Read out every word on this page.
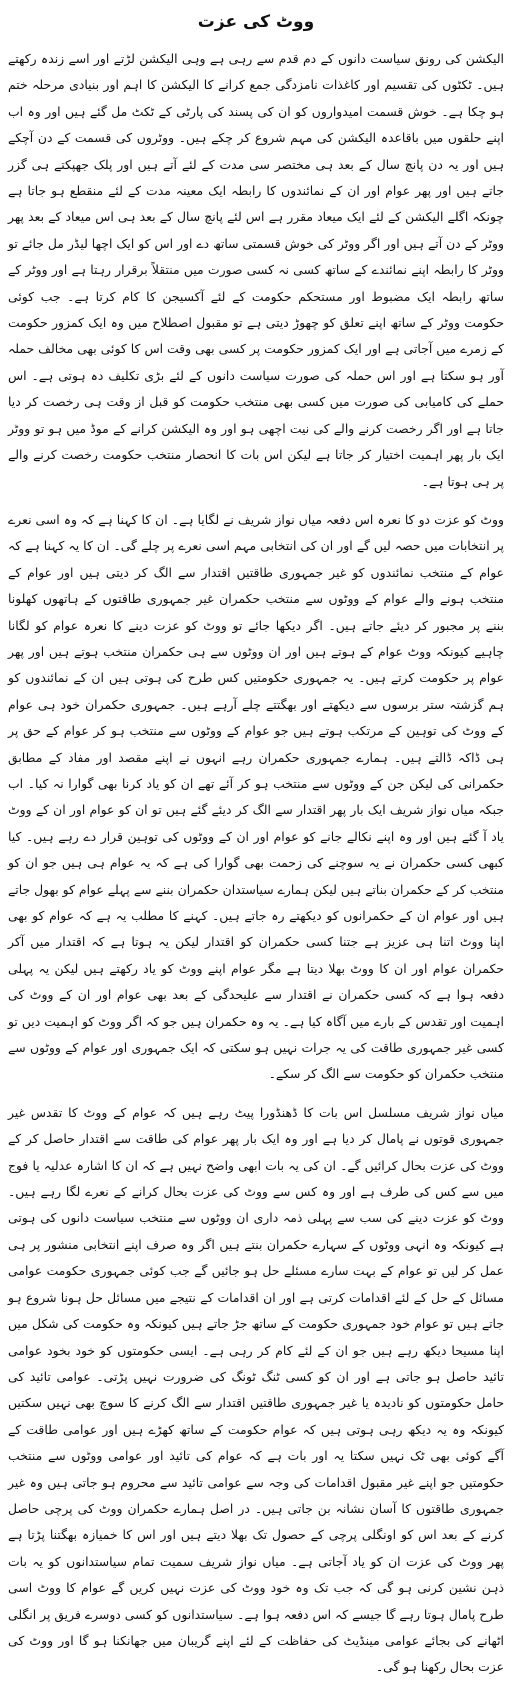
ووٹ کی عزت

الیکشن کی رونق سیاست دانوں کے دم قدم سے رہی ہے وہی الیکشن لڑتے اور اسے زندہ رکھتے ہیں۔ ٹکٹوں کی تقسیم اور کاغذات نامزدگی جمع کرانے کا الیکشن کا اہم اور بنیادی مرحلہ ختم ہو چکا ہے۔ خوش قسمت امیدواروں کو ان کی پسند کی پارٹی کے ٹکٹ مل گئے ہیں اور وہ اب اپنے حلقوں میں باقاعدہ الیکشن کی مہم شروع کر چکے ہیں۔ ووٹروں کی قسمت کے دن آچکے ہیں اور یہ دن پانچ سال کے بعد ہی مختصر سی مدت کے لئے آتے ہیں اور پلک جھپکتے ہی گزر جاتے ہیں اور پھر عوام اور ان کے نمائندوں کا رابطہ ایک معینہ مدت کے لئے منقطع ہو جاتا ہے چونکہ اگلے الیکشن کے لئے ایک میعاد مقرر ہے اس لئے پانچ سال کے بعد ہی اس میعاد کے بعد پھر ووٹر کے دن آتے ہیں اور اگر ووٹر کی خوش قسمتی ساتھ دے اور اس کو ایک اچھا لیڈر مل جائے تو ووٹر کا رابطہ اپنے نمائندے کے ساتھ کسی نہ کسی صورت میں منتقلاً برقرار رہتا ہے اور ووٹر کے ساتھ رابطہ ایک مضبوط اور مستحکم حکومت کے لئے آکسیجن کا کام کرتا ہے۔ جب کوئی حکومت ووٹر کے ساتھ اپنے تعلق کو چھوڑ دیتی ہے تو مقبول اصطلاح میں وہ ایک کمزور حکومت کے زمرے میں آجاتی ہے اور ایک کمزور حکومت پر کسی بھی وقت اس کا کوئی بھی مخالف حملہ آور ہو سکتا ہے اور اس حملہ کی صورت سیاست دانوں کے لئے بڑی تکلیف دہ ہوتی ہے۔ اس حملے کی کامیابی کی صورت میں کسی بھی منتخب حکومت کو قبل از وقت ہی رخصت کر دیا جاتا ہے اور اگر رخصت کرنے والے کی نیت اچھی ہو اور وہ الیکشن کرانے کے موڈ میں ہو تو ووٹر ایک بار پھر اہمیت اختیار کر جاتا ہے لیکن اس بات کا انحصار منتخب حکومت رخصت کرنے والے پر ہی ہوتا ہے۔

ووٹ کو عزت دو کا نعرہ اس دفعہ میاں نواز شریف نے لگایا ہے۔ ان کا کہنا ہے کہ وہ اسی نعرے پر انتخابات میں حصہ لیں گے اور ان کی انتخابی مہم اسی نعرے پر چلے گی۔ ان کا یہ کہنا ہے کہ عوام کے منتخب نمائندوں کو غیر جمہوری طاقتیں اقتدار سے الگ کر دیتی ہیں اور عوام کے منتخب ہونے والے عوام کے ووٹوں سے منتخب حکمران غیر جمہوری طاقتوں کے ہاتھوں کھلونا بننے پر مجبور کر دیئے جاتے ہیں۔ اگر دیکھا جائے تو ووٹ کو عزت دینے کا نعرہ عوام کو لگانا چاہیے کیونکہ ووٹ عوام کے ہوتے ہیں اور ان ووٹوں سے ہی حکمران منتخب ہوتے ہیں اور پھر عوام پر حکومت کرتے ہیں۔ یہ جمہوری حکومتیں کس طرح کی ہوتی ہیں ان کے نمائندوں کو ہم گزشتہ ستر برسوں سے دیکھتے اور بھگتتے چلے آرہے ہیں۔ جمہوری حکمران خود ہی عوام کے ووٹ کی توہین کے مرتکب ہوتے ہیں جو عوام کے ووٹوں سے منتخب ہو کر عوام کے حق پر ہی ڈاکہ ڈالتے ہیں۔ ہمارے جمہوری حکمران رہے انہوں نے اپنے مقصد اور مفاد کے مطابق حکمرانی کی لیکن جن کے ووٹوں سے منتخب ہو کر آئے تھے ان کو یاد کرنا بھی گوارا نہ کیا۔ اب جبکہ میاں نواز شریف ایک بار پھر اقتدار سے الگ کر دیئے گئے ہیں تو ان کو عوام اور ان کے ووٹ یاد آ گئے ہیں اور وہ اپنے نکالے جانے کو عوام اور ان کے ووٹوں کی توہین قرار دے رہے ہیں۔ کیا کبھی کسی حکمران نے یہ سوچنے کی زحمت بھی گوارا کی ہے کہ یہ عوام ہی ہیں جو ان کو منتخب کر کے حکمران بناتے ہیں لیکن ہمارے سیاستدان حکمران بننے سے پہلے عوام کو بھول جاتے ہیں اور عوام ان کے حکمرانوں کو دیکھتے رہ جاتے ہیں۔ کہنے کا مطلب یہ ہے کہ عوام کو بھی اپنا ووٹ اتنا ہی عزیز ہے جتنا کسی حکمران کو اقتدار لیکن یہ ہوتا ہے کہ اقتدار میں آکر حکمران عوام اور ان کا ووٹ بھلا دیتا ہے مگر عوام اپنے ووٹ کو یاد رکھتے ہیں لیکن یہ پہلی دفعہ ہوا ہے کہ کسی حکمران نے اقتدار سے علیحدگی کے بعد بھی عوام اور ان کے ووٹ کی اہمیت اور تقدس کے بارے میں آگاہ کیا ہے۔ یہ وہ حکمران ہیں جو کہ اگر ووٹ کو اہمیت دیں تو کسی غیر جمہوری طاقت کی یہ جرات نہیں ہو سکتی کہ ایک جمہوری اور عوام کے ووٹوں سے منتخب حکمران کو حکومت سے الگ کر سکے۔

میاں نواز شریف مسلسل اس بات کا ڈھنڈورا پیٹ رہے ہیں کہ عوام کے ووٹ کا تقدس غیر جمہوری قوتوں نے پامال کر دیا ہے اور وہ ایک بار پھر عوام کی طاقت سے اقتدار حاصل کر کے ووٹ کی عزت بحال کرائیں گے۔ ان کی یہ بات ابھی واضح نہیں ہے کہ ان کا اشارہ عدلیہ یا فوج میں سے کس کی طرف ہے اور وہ کس سے ووٹ کی عزت بحال کرانے کے نعرے لگا رہے ہیں۔ ووٹ کو عزت دینے کی سب سے پہلی ذمہ داری ان ووٹوں سے منتخب سیاست دانوں کی ہوتی ہے کیونکہ وہ انہی ووٹوں کے سہارے حکمران بنتے ہیں اگر وہ صرف اپنے انتخابی منشور پر ہی عمل کر لیں تو عوام کے بہت سارے مسئلے حل ہو جائیں گے جب کوئی جمہوری حکومت عوامی مسائل کے حل کے لئے اقدامات کرتی ہے اور ان اقدامات کے نتیجے میں مسائل حل ہونا شروع ہو جاتے ہیں تو عوام خود جمہوری حکومت کے ساتھ جڑ جاتے ہیں کیونکہ وہ حکومت کی شکل میں اپنا مسیحا دیکھ رہے ہیں جو ان کے لئے کام کر رہی ہے۔ ایسی حکومتوں کو خود بخود عوامی تائید حاصل ہو جاتی ہے اور ان کو کسی ٹنگ ٹونگ کی ضرورت نہیں پڑتی۔ عوامی تائید کی حامل حکومتوں کو نادیدہ یا غیر جمہوری طاقتیں اقتدار سے الگ کرنے کا سوچ بھی نہیں سکتیں کیونکہ وہ یہ دیکھ رہی ہوتی ہیں کہ عوام حکومت کے ساتھ کھڑے ہیں اور عوامی طاقت کے آگے کوئی بھی ٹک نہیں سکتا یہ اور بات ہے کہ عوام کی تائید اور عوامی ووٹوں سے منتخب حکومتیں جو اپنے غیر مقبول اقدامات کی وجہ سے عوامی تائید سے محروم ہو جاتی ہیں وہ غیر جمہوری طاقتوں کا آسان نشانہ بن جاتی ہیں۔ در اصل ہمارے حکمران ووٹ کی پرچی حاصل کرنے کے بعد اس کو اونگلی پرچی کے حصول تک بھلا دیتے ہیں اور اس کا خمیازہ بھگتنا پڑتا ہے پھر ووٹ کی عزت ان کو یاد آجاتی ہے۔ میاں نواز شریف سمیت تمام سیاستدانوں کو یہ بات ذہن نشین کرنی ہو گی کہ جب تک وہ خود ووٹ کی عزت نہیں کریں گے عوام کا ووٹ اسی طرح پامال ہوتا رہے گا جیسے کہ اس دفعہ ہوا ہے۔ سیاستدانوں کو کسی دوسرے فریق پر انگلی اٹھانے کی بجائے عوامی مینڈیٹ کی حفاظت کے لئے اپنے گریبان میں جھانکنا ہو گا اور ووٹ کی عزت بحال رکھنا ہو گی۔
